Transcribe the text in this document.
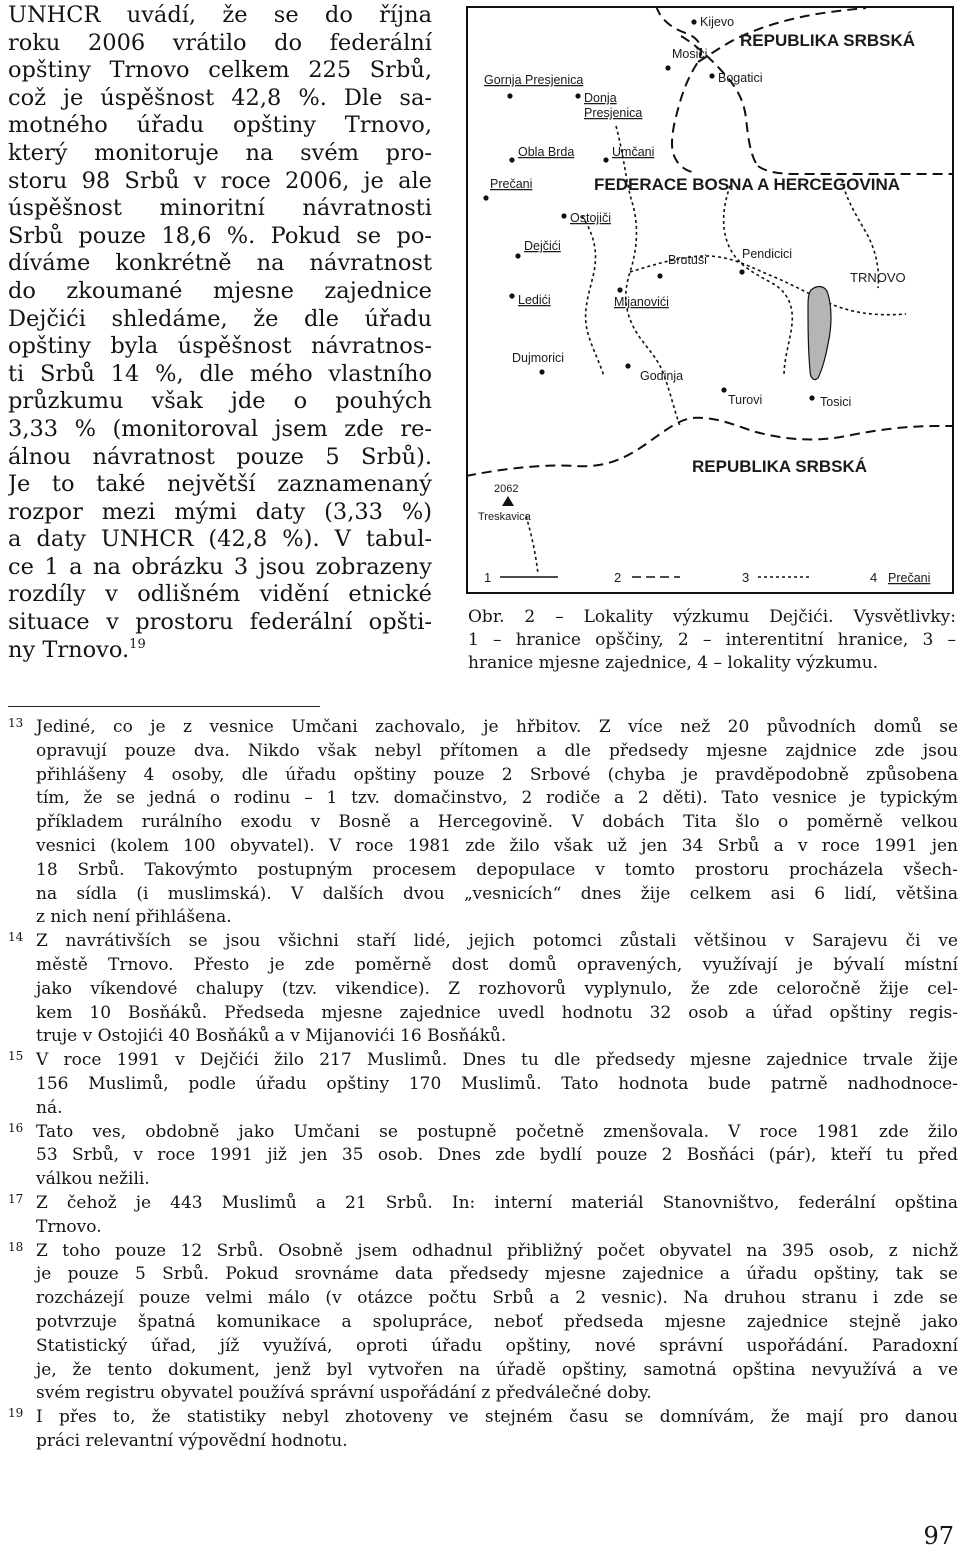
UNHCR uvádí, že se do října
roku 2006 vrátilo do federální
opštiny Trnovo celkem 225 Srbů,
což je úspěšnost 42,8 %. Dle sa-
motného úřadu opštiny Trnovo,
který monitoruje na svém pro-
storu 98 Srbů v roce 2006, je ale
úspěšnost minoritní návratnosti
Srbů pouze 18,6 %. Pokud se po-
díváme konkrétně na návratnost
do zkoumané mjesne zajednice
Dejčići shledáme, že dle úřadu
opštiny byla úspěšnost návratnos-
ti Srbů 14 %, dle mého vlastního
průzkumu však jde o pouhých
3,33 % (monitoroval jsem zde re-
álnou návratnost pouze 5 Srbů).
Je to také největší zaznamenaný
rozpor mezi mými daty (3,33 %)
a daty UNHCR (42,8 %). V tabul-
ce 1 a na obrázku 3 jsou zobrazeny
rozdíly v odlišném vidění etnické
situace v prostoru federální opšti-
ny Trnovo.$^{19}$
REPUBLIKA SRBSKÁ
FEDERACE BOSNA A HERCEGOVINA
TRNOVO
REPUBLIKA SRBSKÁ
Kijevo
Mosici
Bogatici
Gornja Presjenica
Donja
Presjenica
Obla Brda	Umčani
Prečani
Ostojiči
Dejčići
Brutusi	Pendicici
Ledići	Mijanovići
Dujmorici
Godinja
Turovi	Tosici
2062
Treskavica
1	2	3	4 Prečani
Obr. 2 – Lokality výzkumu Dejčići. Vysvětlivky:
1 – hranice opščiny, 2 – interentitní hranice, 3 –
hranice mjesne zajednice, 4 – lokality výzkumu.
13 Jediné, co je z vesnice Umčani zachovalo, je hřbitov. Z více než 20 původních domů se
opravují pouze dva. Nikdo však nebyl přítomen a dle předsedy mjesne zajdnice zde jsou
přihlášeny 4 osoby, dle úřadu opštiny pouze 2 Srbové (chyba je pravděpodobně způsobena
tím, že se jedná o rodinu – 1 tzv. domačinstvo, 2 rodiče a 2 děti). Tato vesnice je typickým
příkladem rurálního exodu v Bosně a Hercegovině. V dobách Tita šlo o poměrně velkou
vesnici (kolem 100 obyvatel). V roce 1981 zde žilo však už jen 34 Srbů a v roce 1991 jen
18 Srbů. Takovýmto postupným procesem depopulace v tomto prostoru procházela všech-
na sídla (i muslimská). V dalších dvou „vesnicích“ dnes žije celkem asi 6 lidí, většina
z nich není přihlášena.
14 Z navrátivších se jsou všichni staří lidé, jejich potomci zůstali většinou v Sarajevu či ve
městě Trnovo. Přesto je zde poměrně dost domů opravených, využívají je bývalí místní
jako víkendové chalupy (tzv. vikendice). Z rozhovorů vyplynulo, že zde celoročně žije cel-
kem 10 Bosňáků. Předseda mjesne zajednice uvedl hodnotu 32 osob a úřad opštiny regis-
truje v Ostojići 40 Bosňáků a v Mijanovići 16 Bosňáků.
15 V roce 1991 v Dejčići žilo 217 Muslimů. Dnes tu dle předsedy mjesne zajednice trvale žije
156 Muslimů, podle úřadu opštiny 170 Muslimů. Tato hodnota bude patrně nadhodnoce-
ná.
16 Tato ves, obdobně jako Umčani se postupně početně zmenšovala. V roce 1981 zde žilo
53 Srbů, v roce 1991 již jen 35 osob. Dnes zde bydlí pouze 2 Bosňáci (pár), kteří tu před
válkou nežili.
17 Z čehož je 443 Muslimů a 21 Srbů. In: interní materiál Stanovništvo, federální opština
Trnovo.
18 Z toho pouze 12 Srbů. Osobně jsem odhadnul přibližný počet obyvatel na 395 osob, z nichž
je pouze 5 Srbů. Pokud srovnáme data předsedy mjesne zajednice a úřadu opštiny, tak se
rozcházejí pouze velmi málo (v otázce počtu Srbů a 2 vesnic). Na druhou stranu i zde se
potvrzuje špatná komunikace a spolupráce, neboť předseda mjesne zajednice stejně jako
Statistický úřad, jíž využívá, oproti úřadu opštiny, nové správní uspořádání. Paradoxní
je, že tento dokument, jenž byl vytvořen na úřadě opštiny, samotná opština nevyužívá a ve
svém registru obyvatel používá správní uspořádání z předválečné doby.
19 I přes to, že statistiky nebyl zhotoveny ve stejném času se domnívám, že mají pro danou
práci relevantní výpovědní hodnotu.
97
